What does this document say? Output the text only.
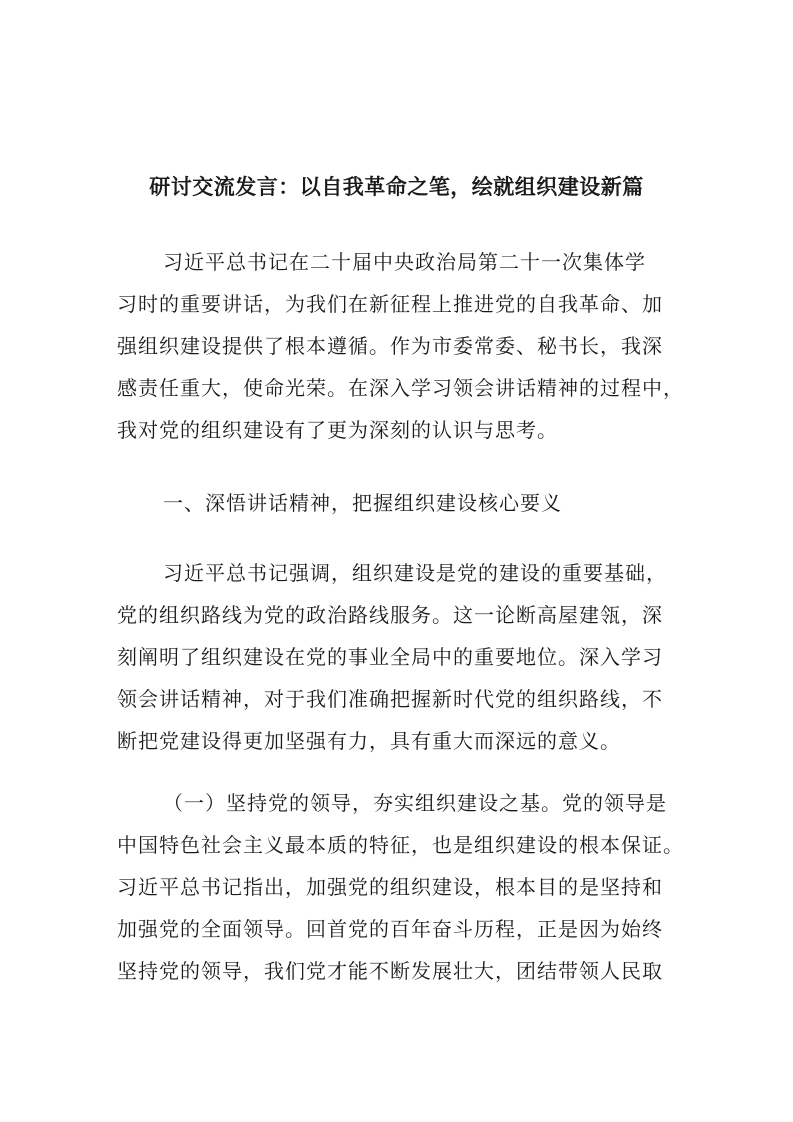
研讨交流发言：以自我革命之笔，绘就组织建设新篇
习近平总书记在二十届中央政治局第二十一次集体学
习时的重要讲话，为我们在新征程上推进党的自我革命、加
强组织建设提供了根本遵循。作为市委常委、秘书长，我深
感责任重大，使命光荣。在深入学习领会讲话精神的过程中，
我对党的组织建设有了更为深刻的认识与思考。
一、深悟讲话精神，把握组织建设核心要义
习近平总书记强调，组织建设是党的建设的重要基础，
党的组织路线为党的政治路线服务。这一论断高屋建瓴，深
刻阐明了组织建设在党的事业全局中的重要地位。深入学习
领会讲话精神，对于我们准确把握新时代党的组织路线，不
断把党建设得更加坚强有力，具有重大而深远的意义。
（一）坚持党的领导，夯实组织建设之基。党的领导是
中国特色社会主义最本质的特征，也是组织建设的根本保证。
习近平总书记指出，加强党的组织建设，根本目的是坚持和
加强党的全面领导。回首党的百年奋斗历程，正是因为始终
坚持党的领导，我们党才能不断发展壮大，团结带领人民取
